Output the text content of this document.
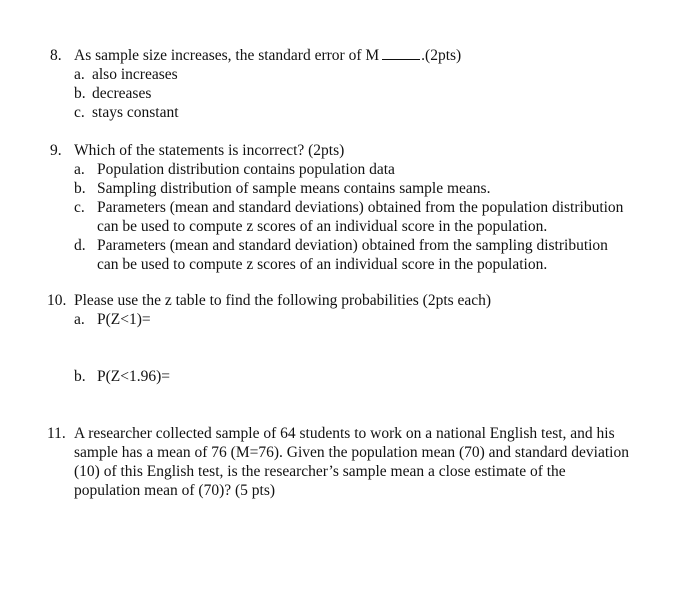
8. As sample size increases, the standard error of M	.(2pts)
a. also increases
b. decreases
c. stays constant
9. Which of the statements is incorrect? (2pts)
a. Population distribution contains population data
b. Sampling distribution of sample means contains sample means.
c. Parameters (mean and standard deviations) obtained from the population distribution
can be used to compute z scores of an individual score in the population.
d. Parameters (mean and standard deviation) obtained from the sampling distribution
can be used to compute z scores of an individual score in the population.
10. Please use the z table to find the following probabilities (2pts each)
a. P(Z<1)=
b. P(Z<1.96)=
11. A researcher collected sample of 64 students to work on a national English test, and his
sample has a mean of 76 (M=76). Given the population mean (70) and standard deviation
(10) of this English test, is the researcher’s sample mean a close estimate of the
population mean of (70)? (5 pts)
